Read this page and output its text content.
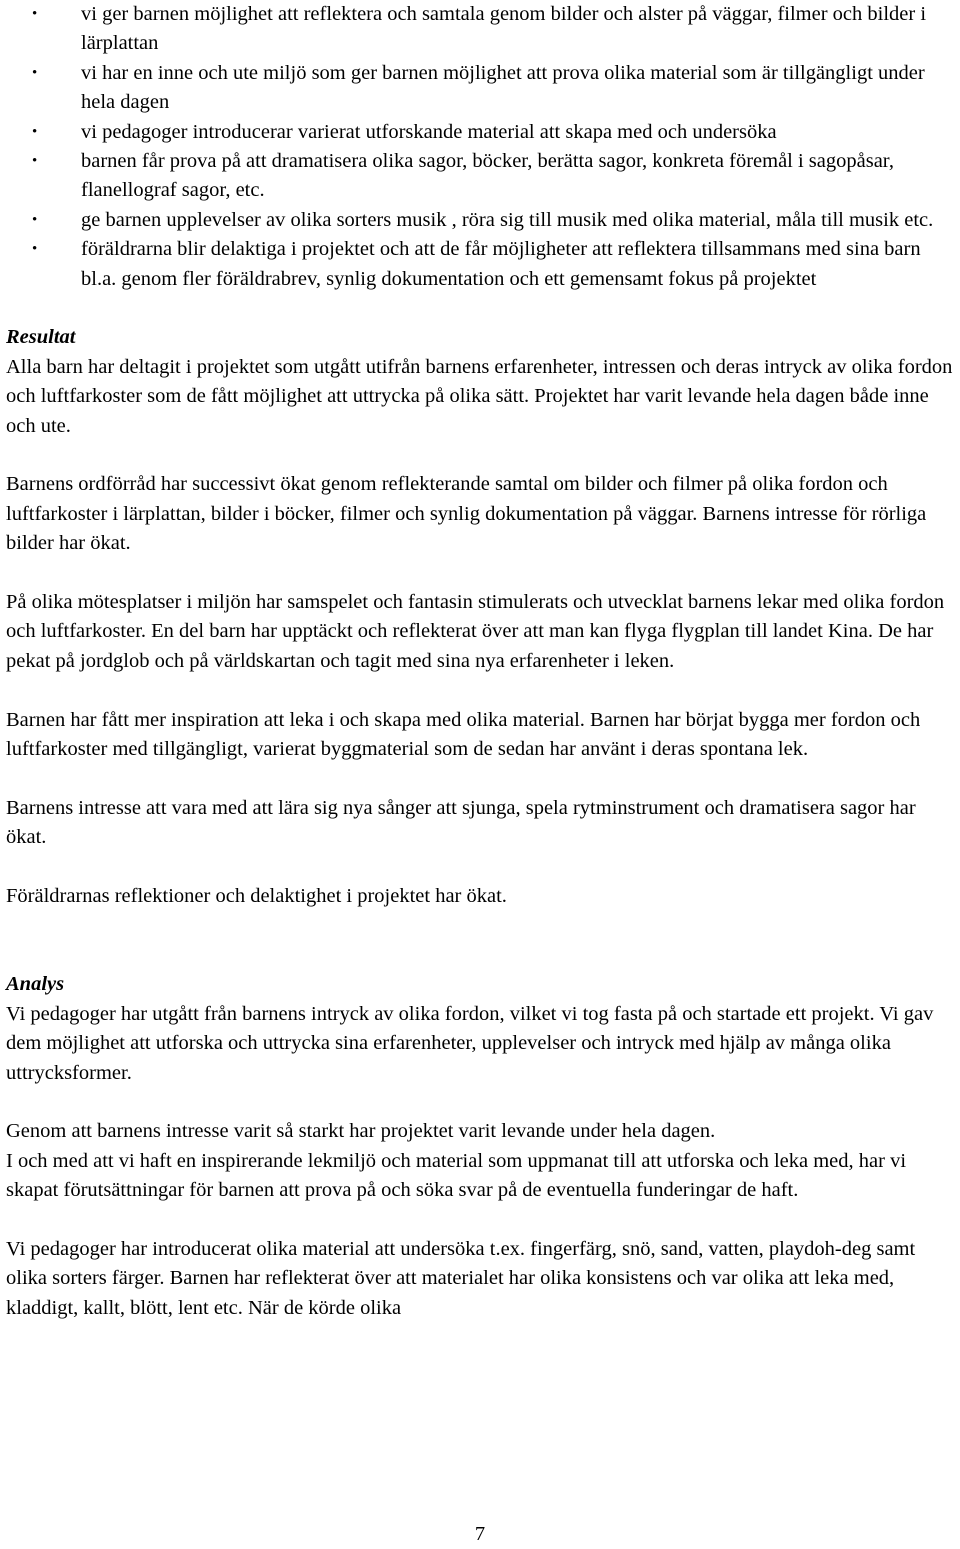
• vi ger barnen möjlighet att reflektera och samtala genom bilder och alster på väggar, filmer och bilder i lärplattan
• vi har en inne och ute miljö som ger barnen möjlighet att prova olika material som är tillgängligt under hela dagen
• vi pedagoger introducerar varierat utforskande material att skapa med och undersöka
• barnen får prova på att dramatisera olika sagor, böcker, berätta sagor, konkreta föremål i sagopåsar, flanellograf sagor, etc.
• ge barnen upplevelser av olika sorters musik , röra sig till musik med olika material, måla till musik etc.
• föräldrarna blir delaktiga i projektet och att de får möjligheter att reflektera tillsammans med sina barn bl.a. genom fler föräldrabrev, synlig dokumentation och ett gemensamt fokus på projektet
Resultat

Alla barn har deltagit i projektet som utgått utifrån barnens erfarenheter, intressen och deras intryck av olika fordon och luftfarkoster som de fått möjlighet att uttrycka på olika sätt. Projektet har varit levande hela dagen både inne och ute.

Barnens ordförråd har successivt ökat genom reflekterande samtal om bilder och filmer på olika fordon och luftfarkoster i lärplattan, bilder i böcker, filmer och synlig dokumentation på väggar. Barnens intresse för rörliga bilder har ökat.

På olika mötesplatser i miljön har samspelet och fantasin stimulerats och utvecklat barnens lekar med olika fordon och luftfarkoster. En del barn har upptäckt och reflekterat över att man kan flyga flygplan till landet Kina. De har pekat på jordglob och på världskartan och tagit med sina nya erfarenheter i leken.

Barnen har fått mer inspiration att leka i och skapa med olika material. Barnen har börjat bygga mer fordon och luftfarkoster med tillgängligt, varierat byggmaterial som de sedan har använt i deras spontana lek.

Barnens intresse att vara med att lära sig nya sånger att sjunga, spela rytminstrument och dramatisera sagor har ökat.

Föräldrarnas reflektioner och delaktighet i projektet har ökat.

Analys

Vi pedagoger har utgått från barnens intryck av olika fordon, vilket vi tog fasta på och startade ett projekt. Vi gav dem möjlighet att utforska och uttrycka sina erfarenheter, upplevelser och intryck med hjälp av många olika uttrycksformer.

Genom att barnens intresse varit så starkt har projektet varit levande under hela dagen.

I och med att vi haft en inspirerande lekmiljö och material som uppmanat till att utforska och leka med, har vi skapat förutsättningar för barnen att prova på och söka svar på de eventuella funderingar de haft.

Vi pedagoger har introducerat olika material att undersöka t.ex. fingerfärg, snö, sand, vatten, playdoh-deg samt olika sorters färger. Barnen har reflekterat över att materialet har olika konsistens och var olika att leka med, kladdigt, kallt, blött, lent etc. När de körde olika

7
